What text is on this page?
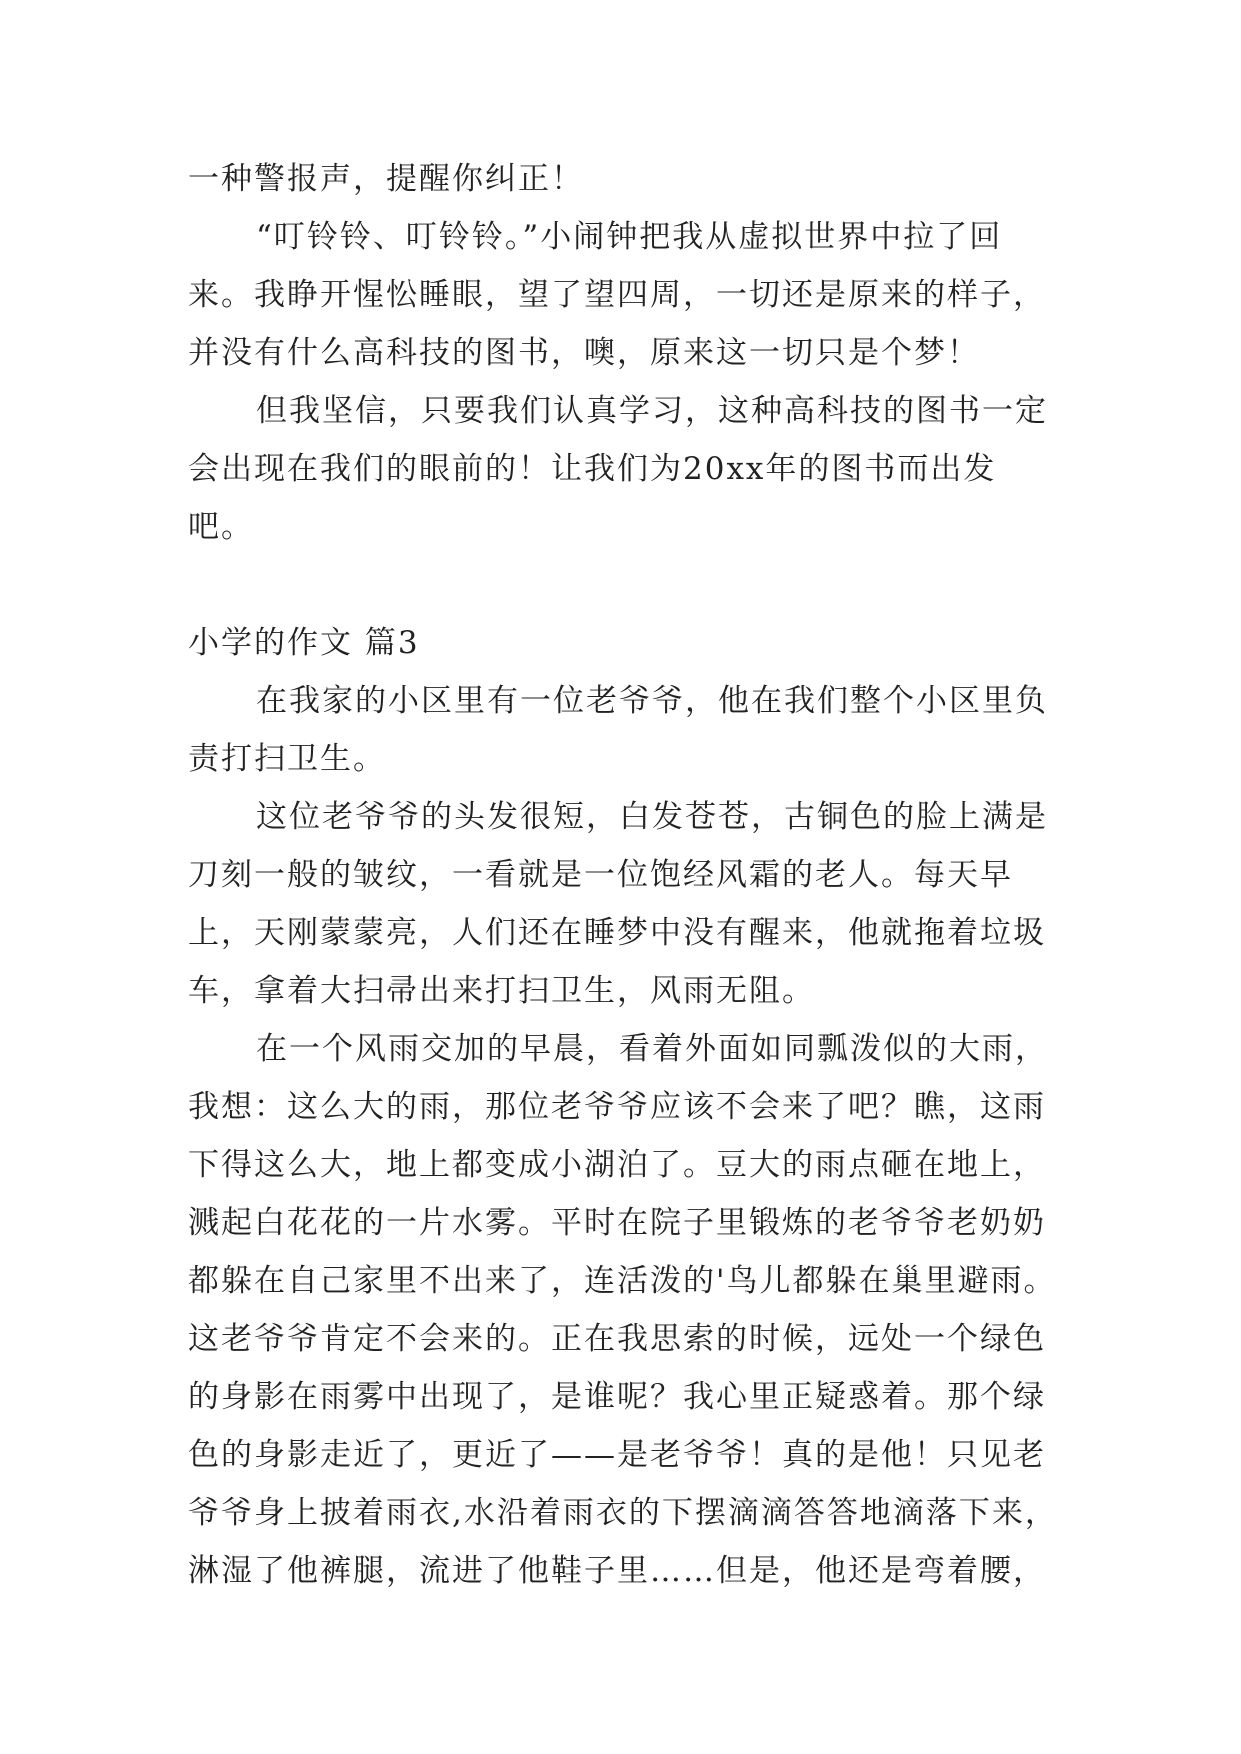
一种警报声，提醒你纠正！

“叮铃铃、叮铃铃。”小闹钟把我从虚拟世界中拉了回来。我睁开惺忪睡眼，望了望四周，一切还是原来的样子，并没有什么高科技的图书，噢，原来这一切只是个梦！

但我坚信，只要我们认真学习，这种高科技的图书一定会出现在我们的眼前的！让我们为20xx年的图书而出发吧。

小学的作文 篇3

在我家的小区里有一位老爷爷，他在我们整个小区里负责打扫卫生。

这位老爷爷的头发很短，白发苍苍，古铜色的脸上满是刀刻一般的皱纹，一看就是一位饱经风霜的老人。每天早上，天刚蒙蒙亮，人们还在睡梦中没有醒来，他就拖着垃圾车，拿着大扫帚出来打扫卫生，风雨无阻。

在一个风雨交加的早晨，看着外面如同瓢泼似的大雨，我想：这么大的雨，那位老爷爷应该不会来了吧？瞧，这雨下得这么大，地上都变成小湖泊了。豆大的雨点砸在地上，溅起白花花的一片水雾。平时在院子里锻炼的老爷爷老奶奶都躲在自己家里不出来了，连活泼的'鸟儿都躲在巢里避雨。这老爷爷肯定不会来的。正在我思索的时候，远处一个绿色的身影在雨雾中出现了，是谁呢？我心里正疑惑着。那个绿色的身影走近了，更近了——是老爷爷！真的是他！只见老爷爷身上披着雨衣,水沿着雨衣的下摆滴滴答答地滴落下来，淋湿了他裤腿，流进了他鞋子里……但是，他还是弯着腰，
